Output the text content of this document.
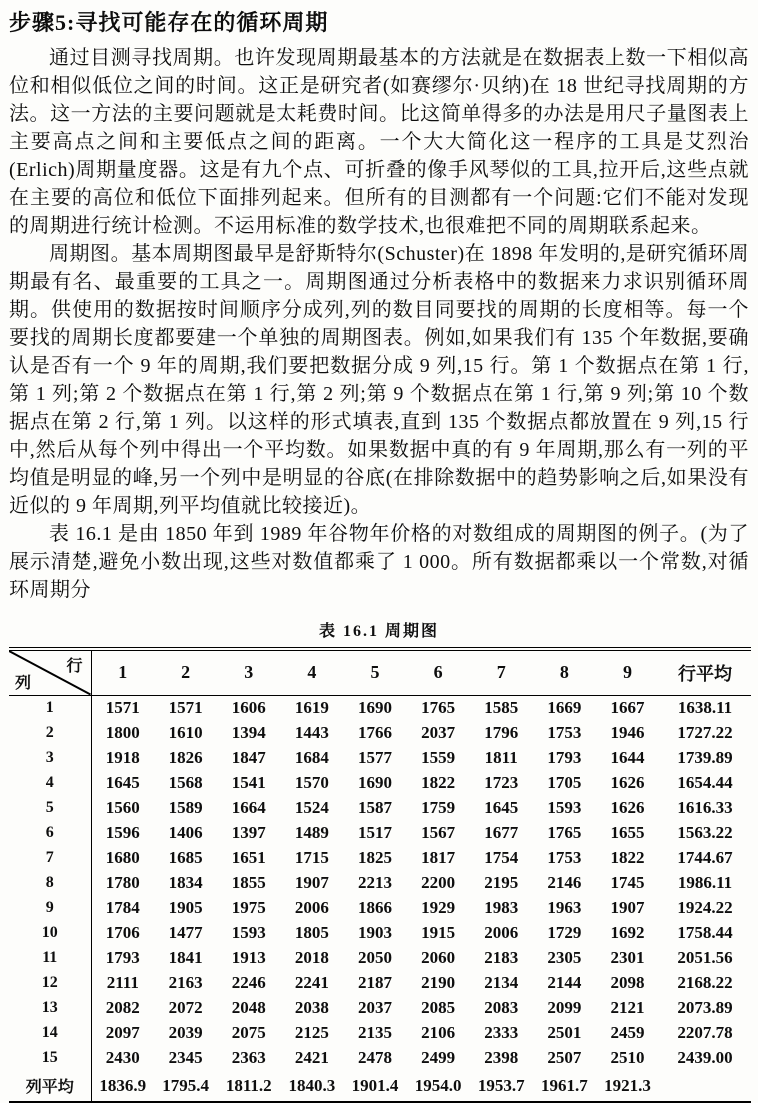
步骤5:寻找可能存在的循环周期

通过目测寻找周期。也许发现周期最基本的方法就是在数据表上数一下相似高位和相似低位之间的时间。这正是研究者(如赛缪尔·贝纳)在 18 世纪寻找周期的方法。这一方法的主要问题就是太耗费时间。比这简单得多的办法是用尺子量图表上主要高点之间和主要低点之间的距离。一个大大简化这一程序的工具是艾烈治(Erlich)周期量度器。这是有九个点、可折叠的像手风琴似的工具,拉开后,这些点就在主要的高位和低位下面排列起来。但所有的目测都有一个问题:它们不能对发现的周期进行统计检测。不运用标准的数学技术,也很难把不同的周期联系起来。

周期图。基本周期图最早是舒斯特尔(Schuster)在 1898 年发明的,是研究循环周期最有名、最重要的工具之一。周期图通过分析表格中的数据来力求识别循环周期。供使用的数据按时间顺序分成列,列的数目同要找的周期的长度相等。每一个要找的周期长度都要建一个单独的周期图表。例如,如果我们有 135 个年数据,要确认是否有一个 9 年的周期,我们要把数据分成 9 列,15 行。第 1 个数据点在第 1 行,第 1 列;第 2 个数据点在第 1 行,第 2 列;第 9 个数据点在第 1 行,第 9 列;第 10 个数据点在第 2 行,第 1 列。以这样的形式填表,直到 135 个数据点都放置在 9 列,15 行中,然后从每个列中得出一个平均数。如果数据中真的有 9 年周期,那么有一列的平均值是明显的峰,另一个列中是明显的谷底(在排除数据中的趋势影响之后,如果没有近似的 9 年周期,列平均值就比较接近)。

表 16.1 是由 1850 年到 1989 年谷物年价格的对数组成的周期图的例子。(为了展示清楚,避免小数出现,这些对数值都乘了 1 000。所有数据都乘以一个常数,对循环周期分

表 16.1 周期图
行
列	1	2	3	4	5	6	7	8	9	行平均
1	1571	1571	1606	1619	1690	1765	1585	1669	1667	1638.11
2	1800	1610	1394	1443	1766	2037	1796	1753	1946	1727.22
3	1918	1826	1847	1684	1577	1559	1811	1793	1644	1739.89
4	1645	1568	1541	1570	1690	1822	1723	1705	1626	1654.44
5	1560	1589	1664	1524	1587	1759	1645	1593	1626	1616.33
6	1596	1406	1397	1489	1517	1567	1677	1765	1655	1563.22
7	1680	1685	1651	1715	1825	1817	1754	1753	1822	1744.67
8	1780	1834	1855	1907	2213	2200	2195	2146	1745	1986.11
9	1784	1905	1975	2006	1866	1929	1983	1963	1907	1924.22
10	1706	1477	1593	1805	1903	1915	2006	1729	1692	1758.44
11	1793	1841	1913	2018	2050	2060	2183	2305	2301	2051.56
12	2111	2163	2246	2241	2187	2190	2134	2144	2098	2168.22
13	2082	2072	2048	2038	2037	2085	2083	2099	2121	2073.89
14	2097	2039	2075	2125	2135	2106	2333	2501	2459	2207.78
15	2430	2345	2363	2421	2478	2499	2398	2507	2510	2439.00
列平均	1836.9	1795.4	1811.2	1840.3	1901.4	1954.0	1953.7	1961.7	1921.3	
